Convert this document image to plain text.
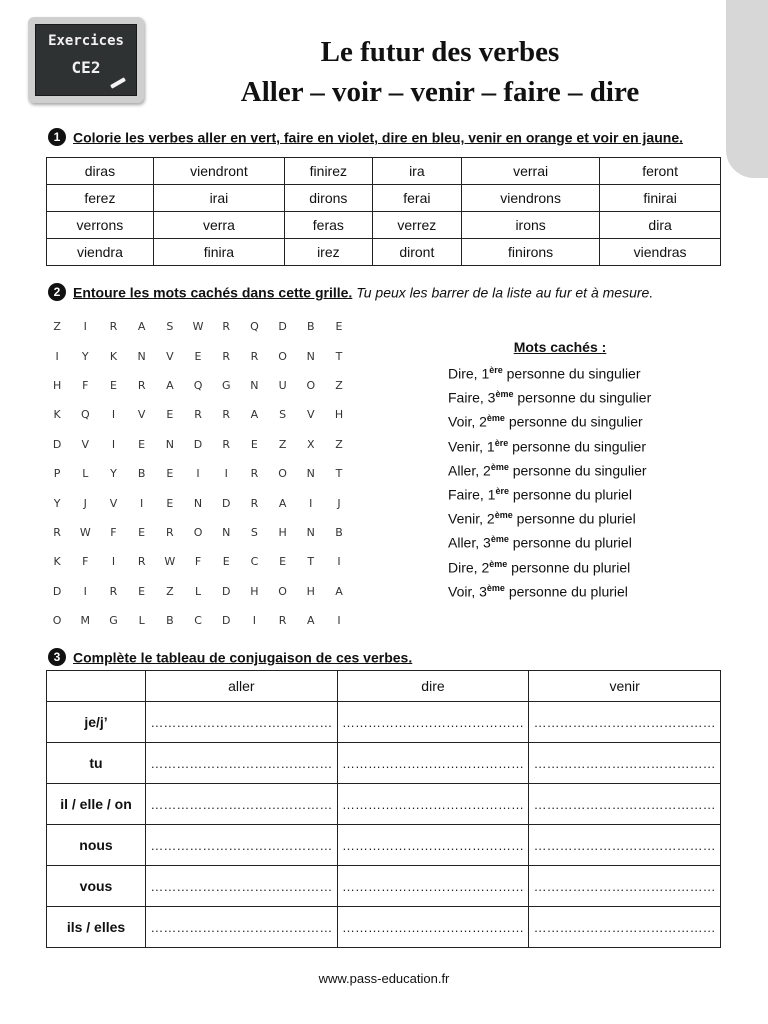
Exercices
CE2	Le futur des verbes
Aller – voir – venir – faire – dire
1 Colorie les verbes aller en vert, faire en violet, dire en bleu, venir en orange et voir en jaune.
diras	viendront	finirez	ira	verrai	feront
ferez	irai	dirons	ferai	viendrons	finirai
verrons	verra	feras	verrez	irons	dira
viendra	finira	irez	diront	finirons	viendras
2 Entoure les mots cachés dans cette grille. Tu peux les barrer de la liste au fur et à mesure.
Z	I	R	A	S	W	R	Q	D	B	E
I	Y	K	N	V	E	R	R	O	N	T
H	F	E	R	A	Q	G	N	U	O	Z
K	Q	I	V	E	R	R	A	S	V	H
D	V	I	E	N	D	R	E	Z	X	Z
P	L	Y	B	E	I	I	R	O	N	T
Y	J	V	I	E	N	D	R	A	I	J
R	W	F	E	R	O	N	S	H	N	B
K	F	I	R	W	F	E	C	E	T	I
D	I	R	E	Z	L	D	H	O	H	A
O	M	G	L	B	C	D	I	R	A	I
Mots cachés :
Dire, 1ère personne du singulier
Faire, 3ème personne du singulier
Voir, 2ème personne du singulier
Venir, 1ère personne du singulier
Aller, 2ème personne du singulier
Faire, 1ère personne du pluriel
Venir, 2ème personne du pluriel
Aller, 3ème personne du pluriel
Dire, 2ème personne du pluriel
Voir, 3ème personne du pluriel
3 Complète le tableau de conjugaison de ces verbes.
	aller	dire	venir
je/j’	……………………………………	……………………………………	……………………………………
tu	……………………………………	……………………………………	……………………………………
il / elle / on	……………………………………	……………………………………	……………………………………
nous	……………………………………	……………………………………	……………………………………
vous	……………………………………	……………………………………	……………………………………
ils / elles	……………………………………	……………………………………	……………………………………
www.pass-education.fr
